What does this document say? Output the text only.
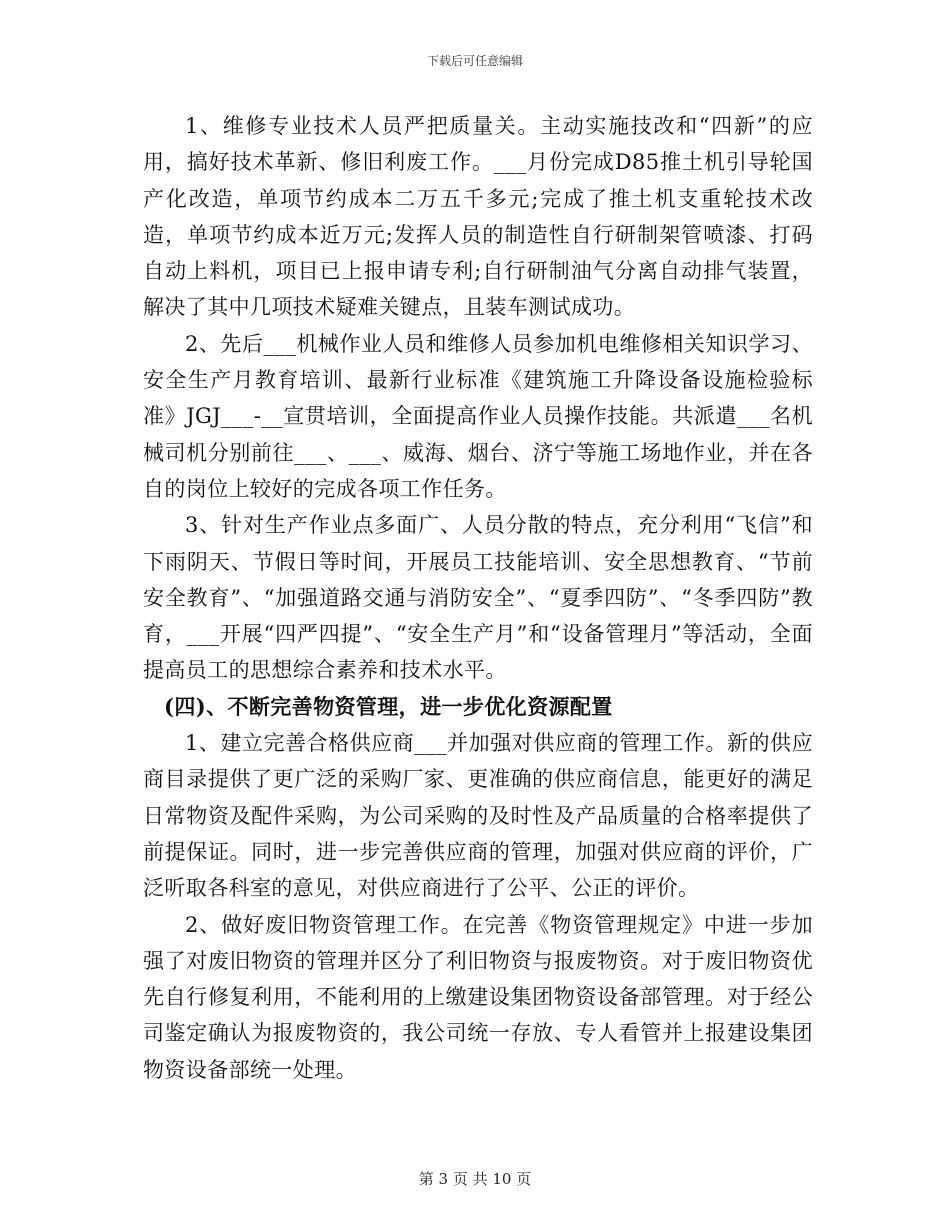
下载后可任意编辑

1、维修专业技术人员严把质量关。主动实施技改和“四新”的应用，搞好技术革新、修旧利废工作。___月份完成D85推土机引导轮国产化改造，单项节约成本二万五千多元;完成了推土机支重轮技术改造，单项节约成本近万元;发挥人员的制造性自行研制架管喷漆、打码自动上料机，项目已上报申请专利;自行研制油气分离自动排气装置，解决了其中几项技术疑难关键点，且装车测试成功。

2、先后___机械作业人员和维修人员参加机电维修相关知识学习、安全生产月教育培训、最新行业标准《建筑施工升降设备设施检验标准》JGJ___-__宣贯培训，全面提高作业人员操作技能。共派遣___名机械司机分别前往___、___、威海、烟台、济宁等施工场地作业，并在各自的岗位上较好的完成各项工作任务。

3、针对生产作业点多面广、人员分散的特点，充分利用“飞信”和下雨阴天、节假日等时间，开展员工技能培训、安全思想教育、“节前安全教育”、“加强道路交通与消防安全”、“夏季四防”、“冬季四防”教育，___开展“四严四提”、“安全生产月”和“设备管理月”等活动，全面提高员工的思想综合素养和技术水平。

(四)、不断完善物资管理，进一步优化资源配置

1、建立完善合格供应商___并加强对供应商的管理工作。新的供应商目录提供了更广泛的采购厂家、更准确的供应商信息，能更好的满足日常物资及配件采购，为公司采购的及时性及产品质量的合格率提供了前提保证。同时，进一步完善供应商的管理，加强对供应商的评价，广泛听取各科室的意见，对供应商进行了公平、公正的评价。

2、做好废旧物资管理工作。在完善《物资管理规定》中进一步加强了对废旧物资的管理并区分了利旧物资与报废物资。对于废旧物资优先自行修复利用，不能利用的上缴建设集团物资设备部管理。对于经公司鉴定确认为报废物资的，我公司统一存放、专人看管并上报建设集团物资设备部统一处理。

第 3 页 共 10 页
